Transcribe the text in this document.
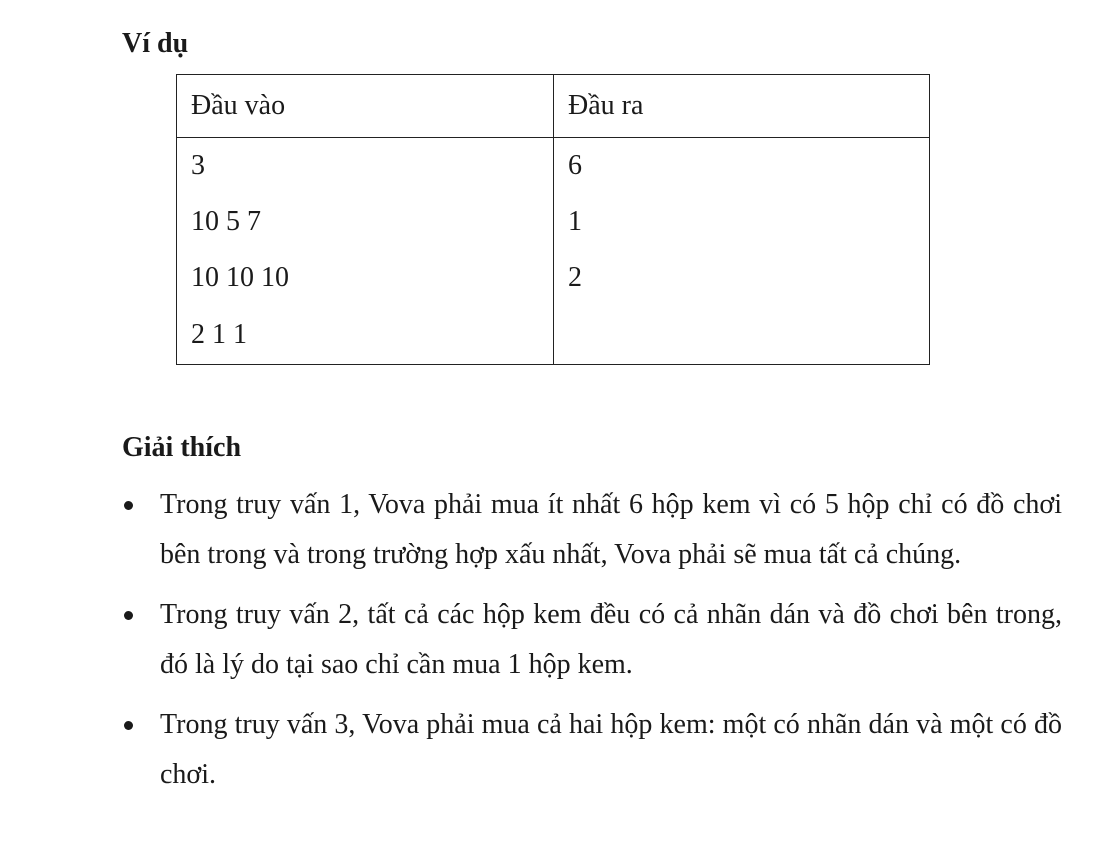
Ví dụ
Đầu vào	Đầu ra
3	6
10 5 7	1
10 10 10	2
2 1 1	
Giải thích
Trong truy vấn 1, Vova phải mua ít nhất 6 hộp kem vì có 5 hộp chỉ có đồ chơi bên trong và trong trường hợp xấu nhất, Vova phải sẽ mua tất cả chúng.
Trong truy vấn 2, tất cả các hộp kem đều có cả nhãn dán và đồ chơi bên trong, đó là lý do tại sao chỉ cần mua 1 hộp kem.
Trong truy vấn 3, Vova phải mua cả hai hộp kem: một có nhãn dán và một có đồ chơi.
